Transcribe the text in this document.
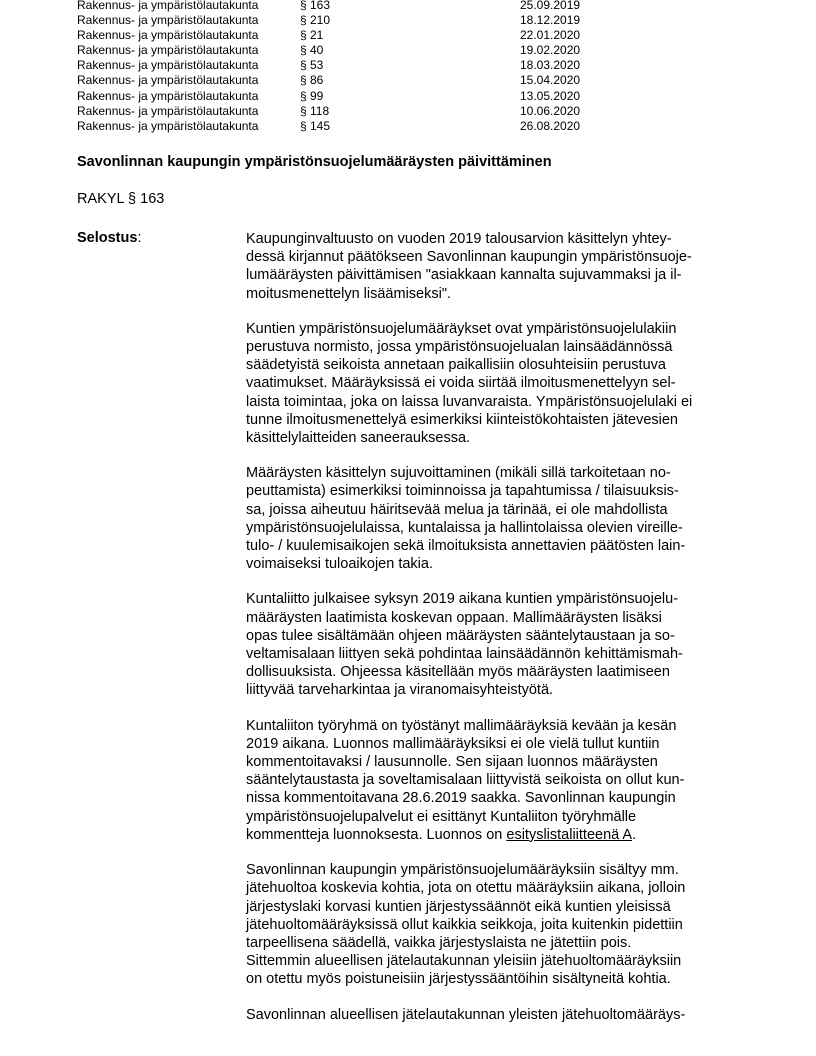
Rakennus- ja ympäristölautakunta	§ 163	25.09.2019
Rakennus- ja ympäristölautakunta	§ 210	18.12.2019
Rakennus- ja ympäristölautakunta	§ 21	22.01.2020
Rakennus- ja ympäristölautakunta	§ 40	19.02.2020
Rakennus- ja ympäristölautakunta	§ 53	18.03.2020
Rakennus- ja ympäristölautakunta	§ 86	15.04.2020
Rakennus- ja ympäristölautakunta	§ 99	13.05.2020
Rakennus- ja ympäristölautakunta	§ 118	10.06.2020
Rakennus- ja ympäristölautakunta	§ 145	26.08.2020
Savonlinnan kaupungin ympäristönsuojelumääräysten päivittäminen
RAKYL § 163
Selostus:	Kaupunginvaltuusto on vuoden 2019 talousarvion käsittelyn yhtey-
dessä kirjannut päätökseen Savonlinnan kaupungin ympäristönsuoje-
lumääräysten päivittämisen "asiakkaan kannalta sujuvammaksi ja il-
moitusmenettelyn lisäämiseksi".

Kuntien ympäristönsuojelumääräykset ovat ympäristönsuojelulakiin
perustuva normisto, jossa ympäristönsuojelualan lainsäädännössä
säädetyistä seikoista annetaan paikallisiin olosuhteisiin perustuva
vaatimukset. Määräyksissä ei voida siirtää ilmoitusmenettelyyn sel-
laista toimintaa, joka on laissa luvanvaraista. Ympäristönsuojelulaki ei
tunne ilmoitusmenettelyä esimerkiksi kiinteistökohtaisten jätevesien
käsittelylaitteiden saneerauksessa.

Määräysten käsittelyn sujuvoittaminen (mikäli sillä tarkoitetaan no-
peuttamista) esimerkiksi toiminnoissa ja tapahtumissa / tilaisuuksis-
sa, joissa aiheutuu häiritsevää melua ja tärinää, ei ole mahdollista
ympäristönsuojelulaissa, kuntalaissa ja hallintolaissa olevien vireille-
tulo- / kuulemisaikojen sekä ilmoituksista annettavien päätösten lain-
voimaiseksi tuloaikojen takia.

Kuntaliitto julkaisee syksyn 2019 aikana kuntien ympäristönsuojelu-
määräysten laatimista koskevan oppaan. Mallimääräysten lisäksi
opas tulee sisältämään ohjeen määräysten sääntelytaustaan ja so-
veltamisalaan liittyen sekä pohdintaa lainsäädännön kehittämismah-
dollisuuksista. Ohjeessa käsitellään myös määräysten laatimiseen
liittyvää tarveharkintaa ja viranomaisyhteistyötä.

Kuntaliiton työryhmä on työstänyt mallimääräyksiä kevään ja kesän
2019 aikana. Luonnos mallimääräyksiksi ei ole vielä tullut kuntiin
kommentoitavaksi / lausunnolle. Sen sijaan luonnos määräysten
sääntelytaustasta ja soveltamisalaan liittyvistä seikoista on ollut kun-
nissa kommentoitavana 28.6.2019 saakka. Savonlinnan kaupungin
ympäristönsuojelupalvelut ei esittänyt Kuntaliiton työryhmälle
kommentteja luonnoksesta. Luonnos on esityslistaliitteenä A.

Savonlinnan kaupungin ympäristönsuojelumääräyksiin sisältyy mm.
jätehuoltoa koskevia kohtia, jota on otettu määräyksiin aikana, jolloin
järjestyslaki korvasi kuntien järjestyssäännöt eikä kuntien yleisissä
jätehuoltomääräyksissä ollut kaikkia seikkoja, joita kuitenkin pidettiin
tarpeellisena säädellä, vaikka järjestyslaista ne jätettiin pois.
Sittemmin alueellisen jätelautakunnan yleisiin jätehuoltomääräyksiin
on otettu myös poistuneisiin järjestyssääntöihin sisältyneitä kohtia.

Savonlinnan alueellisen jätelautakunnan yleisten jätehuoltomääräys-
